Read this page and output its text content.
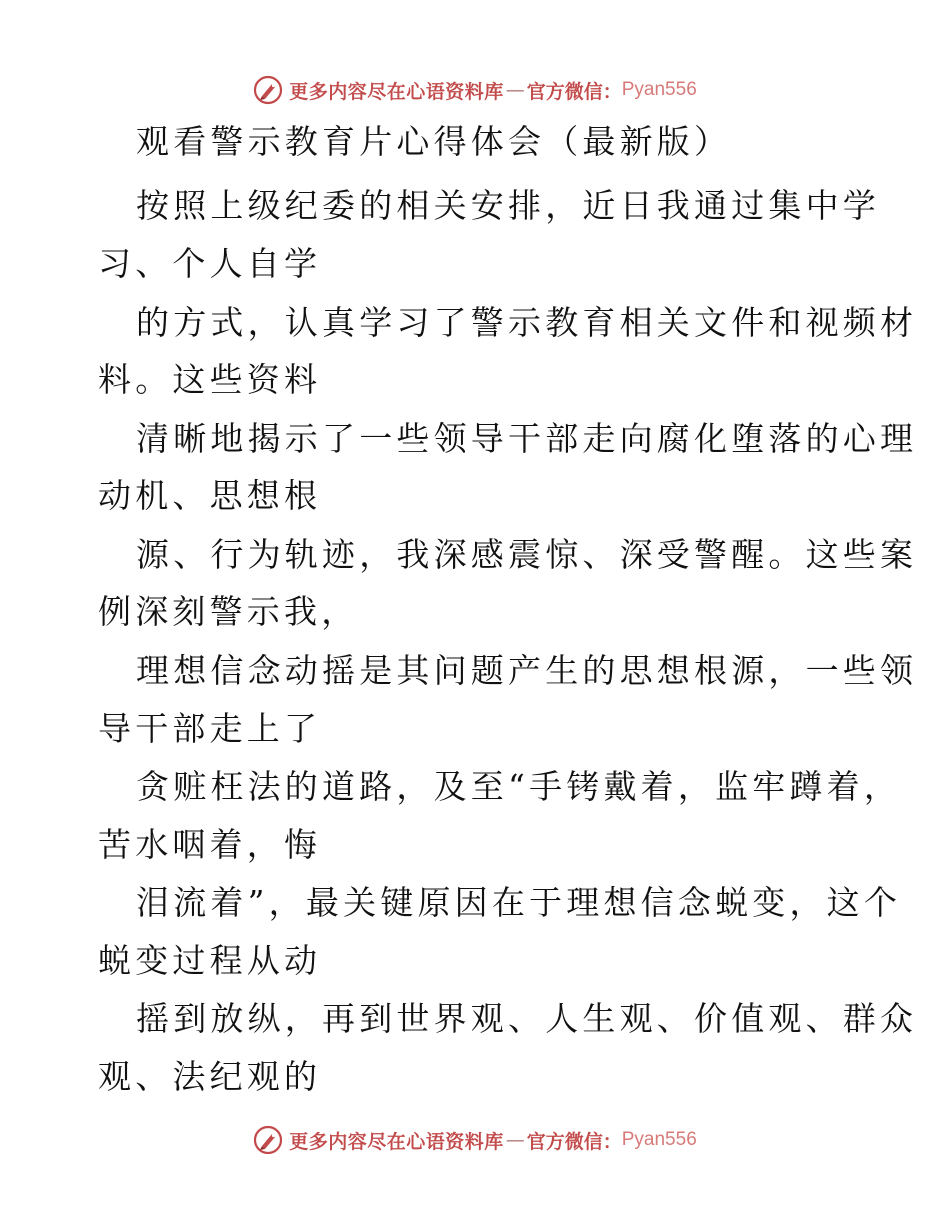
更多内容尽在心语资料库 — 官方微信： Pyan556
观看警示教育片心得体会（最新版）
按照上级纪委的相关安排，近日我通过集中学
习、个人自学
的方式，认真学习了警示教育相关文件和视频材
料。这些资料
清晰地揭示了一些领导干部走向腐化堕落的心理
动机、思想根
源、行为轨迹，我深感震惊、深受警醒。这些案
例深刻警示我，
理想信念动摇是其问题产生的思想根源，一些领
导干部走上了
贪赃枉法的道路，及至“手铐戴着，监牢蹲着，
苦水咽着，悔
泪流着”，最关键原因在于理想信念蜕变，这个
蜕变过程从动
摇到放纵，再到世界观、人生观、价值观、群众
观、法纪观的
更多内容尽在心语资料库 — 官方微信： Pyan556
